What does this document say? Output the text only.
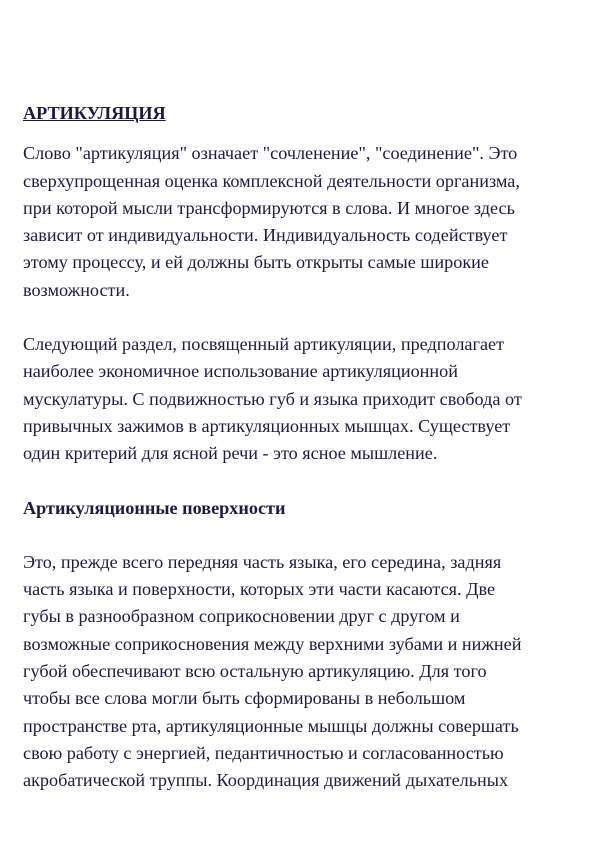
АРТИКУЛЯЦИЯ

Слово "артикуляция" означает "сочленение", "соединение". Это
сверхупрощенная оценка комплексной деятельности организма,
при которой мысли трансформируются в слова. И многое здесь
зависит от индивидуальности. Индивидуальность содействует
этому процессу, и ей должны быть открыты самые широкие
возможности.

Следующий раздел, посвященный артикуляции, предполагает
наиболее экономичное использование артикуляционной
мускулатуры. С подвижностью губ и языка приходит свобода от
привычных зажимов в артикуляционных мышцах. Существует
один критерий для ясной речи - это ясное мышление.

Артикуляционные поверхности

Это, прежде всего передняя часть языка, его середина, задняя
часть языка и поверхности, которых эти части касаются. Две
губы в разнообразном соприкосновении друг с другом и
возможные соприкосновения между верхними зубами и нижней
губой обеспечивают всю остальную артикуляцию. Для того
чтобы все слова могли быть сформированы в небольшом
пространстве рта, артикуляционные мышцы должны совершать
свою работу с энергией, педантичностью и согласованностью
акробатической труппы. Координация движений дыхательных
